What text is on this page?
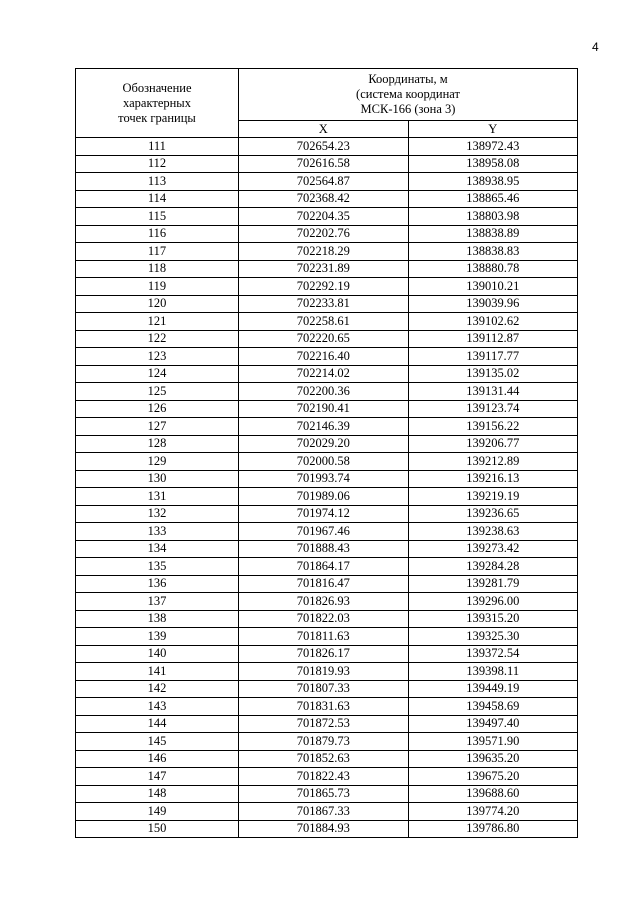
4
Обозначение
характерных
точек границы	Координаты, м
(система координат
МСК-166 (зона 3)	
	X	Y
111	702654.23	138972.43
112	702616.58	138958.08
113	702564.87	138938.95
114	702368.42	138865.46
115	702204.35	138803.98
116	702202.76	138838.89
117	702218.29	138838.83
118	702231.89	138880.78
119	702292.19	139010.21
120	702233.81	139039.96
121	702258.61	139102.62
122	702220.65	139112.87
123	702216.40	139117.77
124	702214.02	139135.02
125	702200.36	139131.44
126	702190.41	139123.74
127	702146.39	139156.22
128	702029.20	139206.77
129	702000.58	139212.89
130	701993.74	139216.13
131	701989.06	139219.19
132	701974.12	139236.65
133	701967.46	139238.63
134	701888.43	139273.42
135	701864.17	139284.28
136	701816.47	139281.79
137	701826.93	139296.00
138	701822.03	139315.20
139	701811.63	139325.30
140	701826.17	139372.54
141	701819.93	139398.11
142	701807.33	139449.19
143	701831.63	139458.69
144	701872.53	139497.40
145	701879.73	139571.90
146	701852.63	139635.20
147	701822.43	139675.20
148	701865.73	139688.60
149	701867.33	139774.20
150	701884.93	139786.80
